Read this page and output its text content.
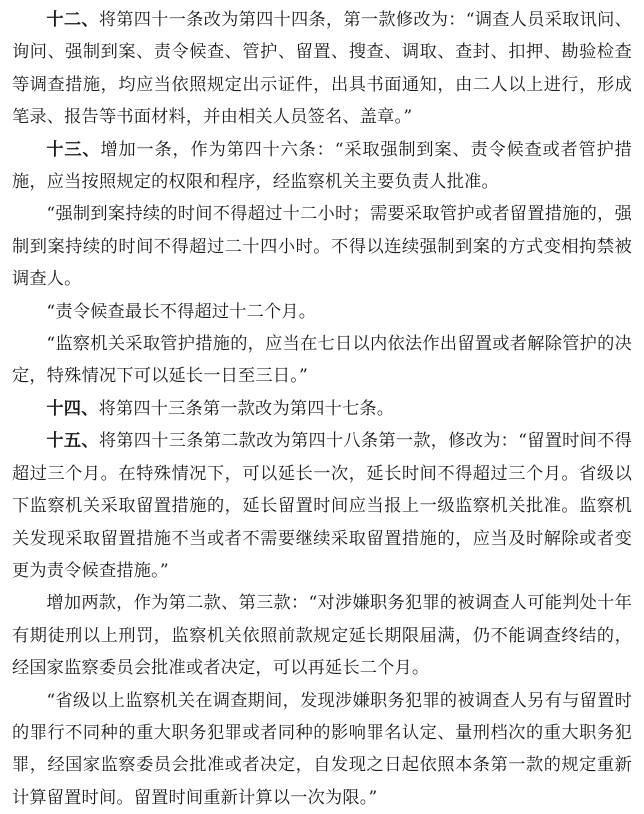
十二、将第四十一条改为第四十四条，第一款修改为：“调查人员采取讯问、询问、强制到案、责令候查、管护、留置、搜查、调取、查封、扣押、勘验检查等调查措施，均应当依照规定出示证件，出具书面通知，由二人以上进行，形成笔录、报告等书面材料，并由相关人员签名、盖章。”

十三、增加一条，作为第四十六条：“采取强制到案、责令候查或者管护措施，应当按照规定的权限和程序，经监察机关主要负责人批准。

“强制到案持续的时间不得超过十二小时；需要采取管护或者留置措施的，强制到案持续的时间不得超过二十四小时。不得以连续强制到案的方式变相拘禁被调查人。

“责令候查最长不得超过十二个月。

“监察机关采取管护措施的，应当在七日以内依法作出留置或者解除管护的决定，特殊情况下可以延长一日至三日。”

十四、将第四十三条第一款改为第四十七条。

十五、将第四十三条第二款改为第四十八条第一款，修改为：“留置时间不得超过三个月。在特殊情况下，可以延长一次，延长时间不得超过三个月。省级以下监察机关采取留置措施的，延长留置时间应当报上一级监察机关批准。监察机关发现采取留置措施不当或者不需要继续采取留置措施的，应当及时解除或者变更为责令候查措施。”

增加两款，作为第二款、第三款：“对涉嫌职务犯罪的被调查人可能判处十年有期徒刑以上刑罚，监察机关依照前款规定延长期限届满，仍不能调查终结的，经国家监察委员会批准或者决定，可以再延长二个月。

“省级以上监察机关在调查期间，发现涉嫌职务犯罪的被调查人另有与留置时的罪行不同种的重大职务犯罪或者同种的影响罪名认定、量刑档次的重大职务犯罪，经国家监察委员会批准或者决定，自发现之日起依照本条第一款的规定重新计算留置时间。留置时间重新计算以一次为限。”
